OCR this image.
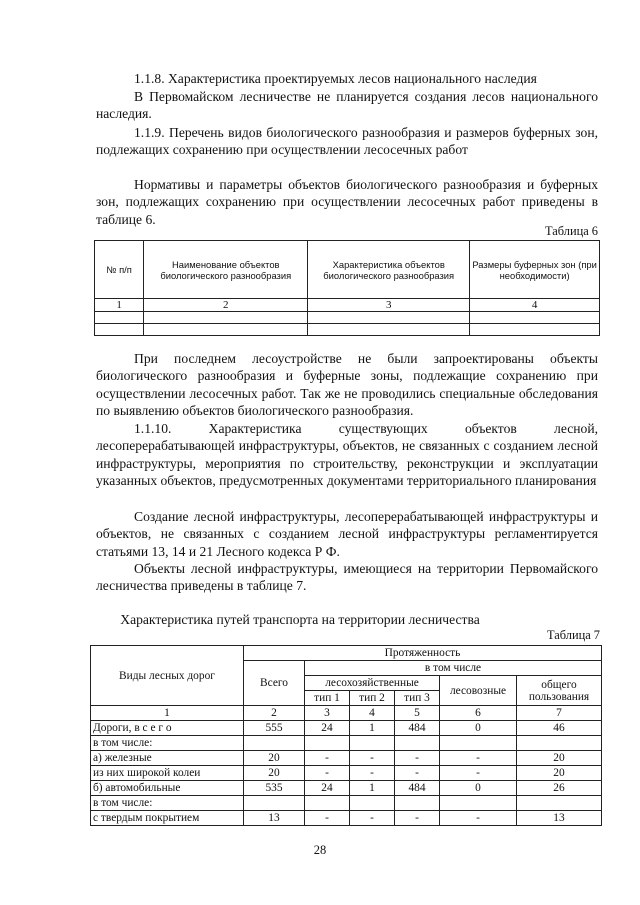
1.1.8. Характеристика проектируемых лесов национального наследия

В Первомайском лесничестве не планируется создания лесов национального наследия.

1.1.9. Перечень видов биологического разнообразия и размеров буферных зон, подлежащих сохранению при осуществлении лесосечных работ

Нормативы и параметры объектов биологического разнообразия и буферных зон, подлежащих сохранению при осуществлении лесосечных работ приведены в таблице 6.

Таблица 6

№ п/п	Наименование объектов биологического разнообразия	Характеристика объектов биологического разнообразия	Размеры буферных зон (при необходимости)
1	2	3	4

При последнем лесоустройстве не были запроектированы объекты биологического разнообразия и буферные зоны, подлежащие сохранению при осуществлении лесосечных работ. Так же не проводились специальные обследования по выявлению объектов биологического разнообразия.

1.1.10. Характеристика существующих объектов лесной, лесоперерабатывающей инфраструктуры, объектов, не связанных с созданием лесной инфраструктуры, мероприятия по строительству, реконструкции и эксплуатации указанных объектов, предусмотренных документами территориального планирования

Создание лесной инфраструктуры, лесоперерабатывающей инфраструктуры и объектов, не связанных с созданием лесной инфраструктуры регламентируется статьями 13, 14 и 21 Лесного кодекса Р Ф.

Объекты лесной инфраструктуры, имеющиеся на территории Первомайского лесничества приведены в таблице 7.

Характеристика путей транспорта на территории лесничества

Таблица 7

Виды лесных дорог	Протяженность					
	Всего	в том числе				
		лесохозяйственные			лесовозные	общего пользования
		тип 1	тип 2	тип 3		
1	2	3	4	5	6	7
Дороги, в с е г о	555	24	1	484	0	46
в том числе:						
а) железные	20	-	-	-	-	20
из них широкой колеи	20	-	-	-	-	20
б) автомобильные	535	24	1	484	0	26
в том числе:						
с твердым покрытием	13	-	-	-	-	13
28
